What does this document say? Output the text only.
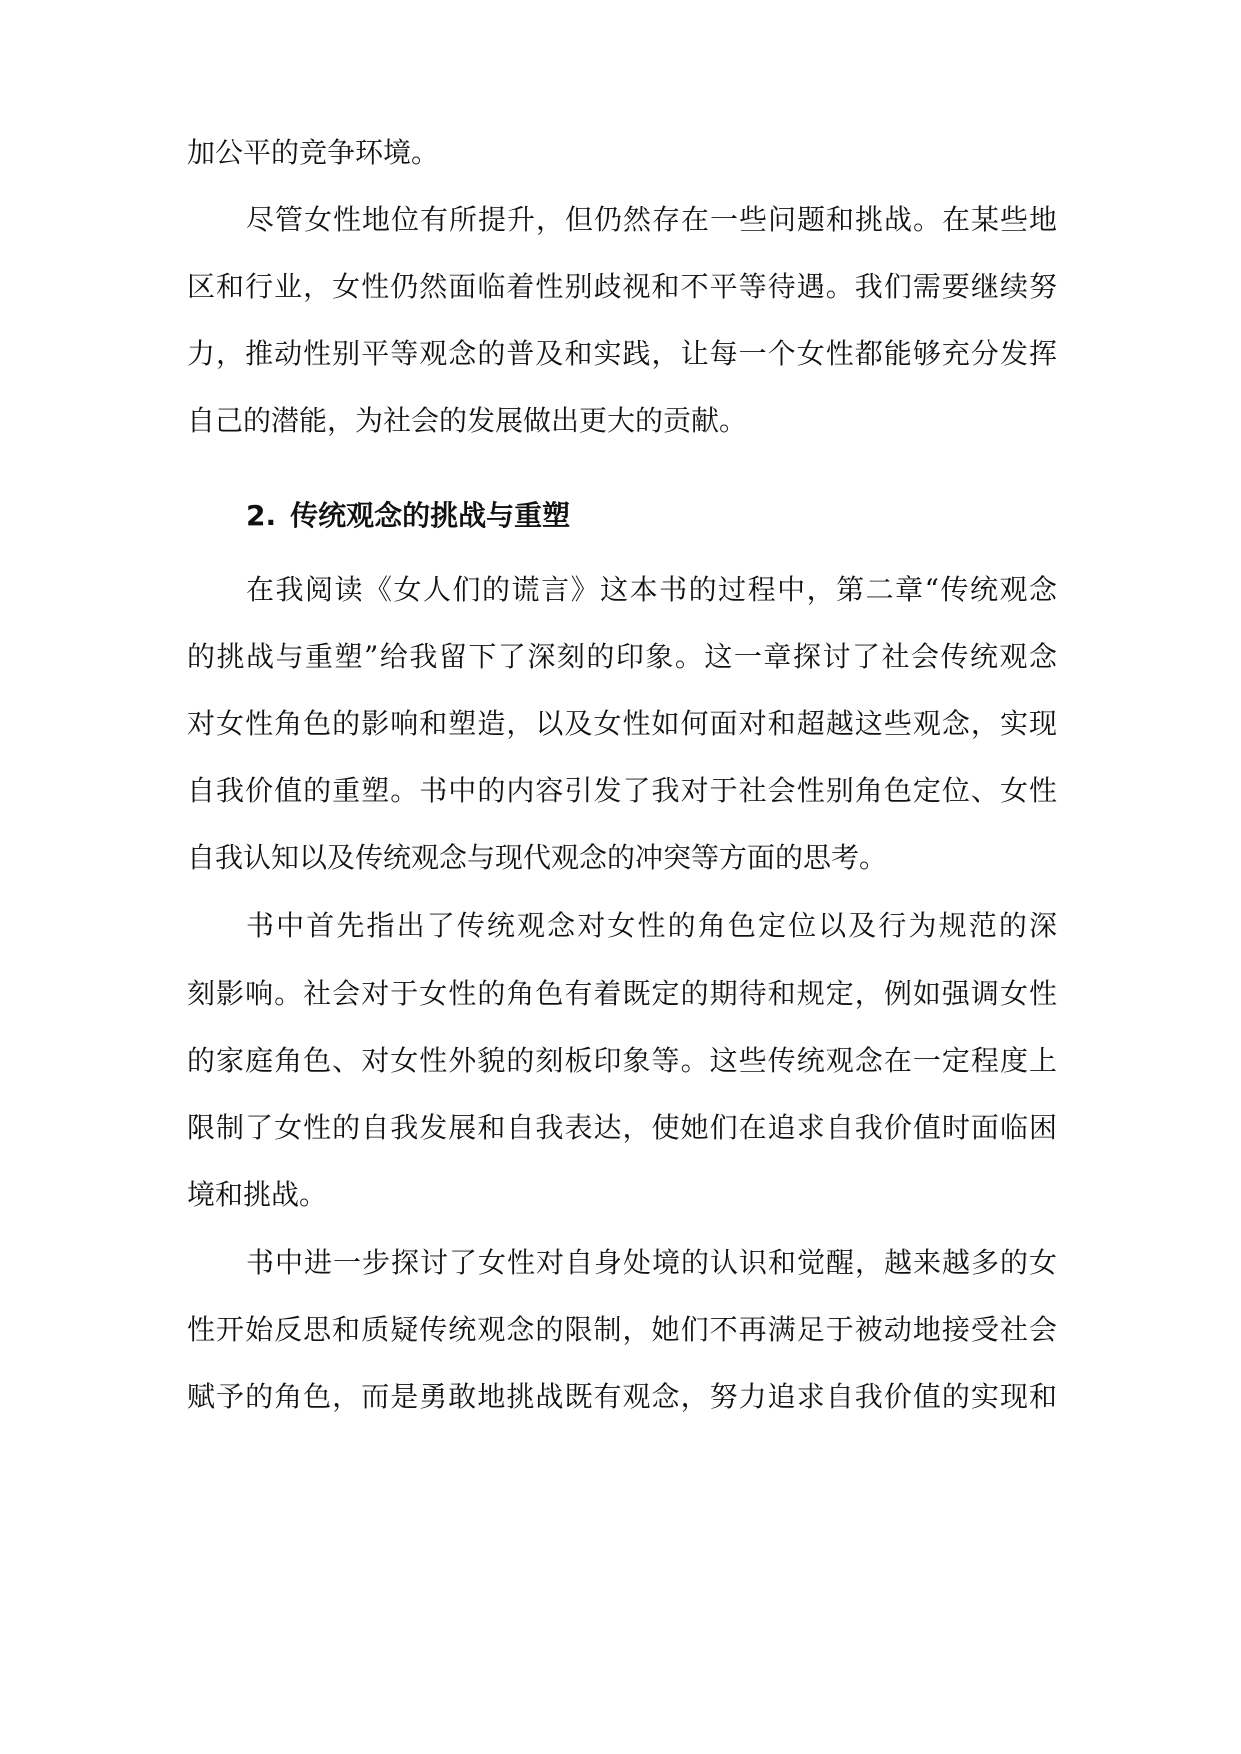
加公平的竞争环境。
尽管女性地位有所提升，但仍然存在一些问题和挑战。在某些地
区和行业，女性仍然面临着性别歧视和不平等待遇。我们需要继续努
力，推动性别平等观念的普及和实践，让每一个女性都能够充分发挥
自己的潜能，为社会的发展做出更大的贡献。
2. 传统观念的挑战与重塑
在我阅读《女人们的谎言》这本书的过程中，第二章“传统观念
的挑战与重塑”给我留下了深刻的印象。这一章探讨了社会传统观念
对女性角色的影响和塑造，以及女性如何面对和超越这些观念，实现
自我价值的重塑。书中的内容引发了我对于社会性别角色定位、女性
自我认知以及传统观念与现代观念的冲突等方面的思考。
书中首先指出了传统观念对女性的角色定位以及行为规范的深
刻影响。社会对于女性的角色有着既定的期待和规定，例如强调女性
的家庭角色、对女性外貌的刻板印象等。这些传统观念在一定程度上
限制了女性的自我发展和自我表达，使她们在追求自我价值时面临困
境和挑战。
书中进一步探讨了女性对自身处境的认识和觉醒，越来越多的女
性开始反思和质疑传统观念的限制，她们不再满足于被动地接受社会
赋予的角色，而是勇敢地挑战既有观念，努力追求自我价值的实现和
